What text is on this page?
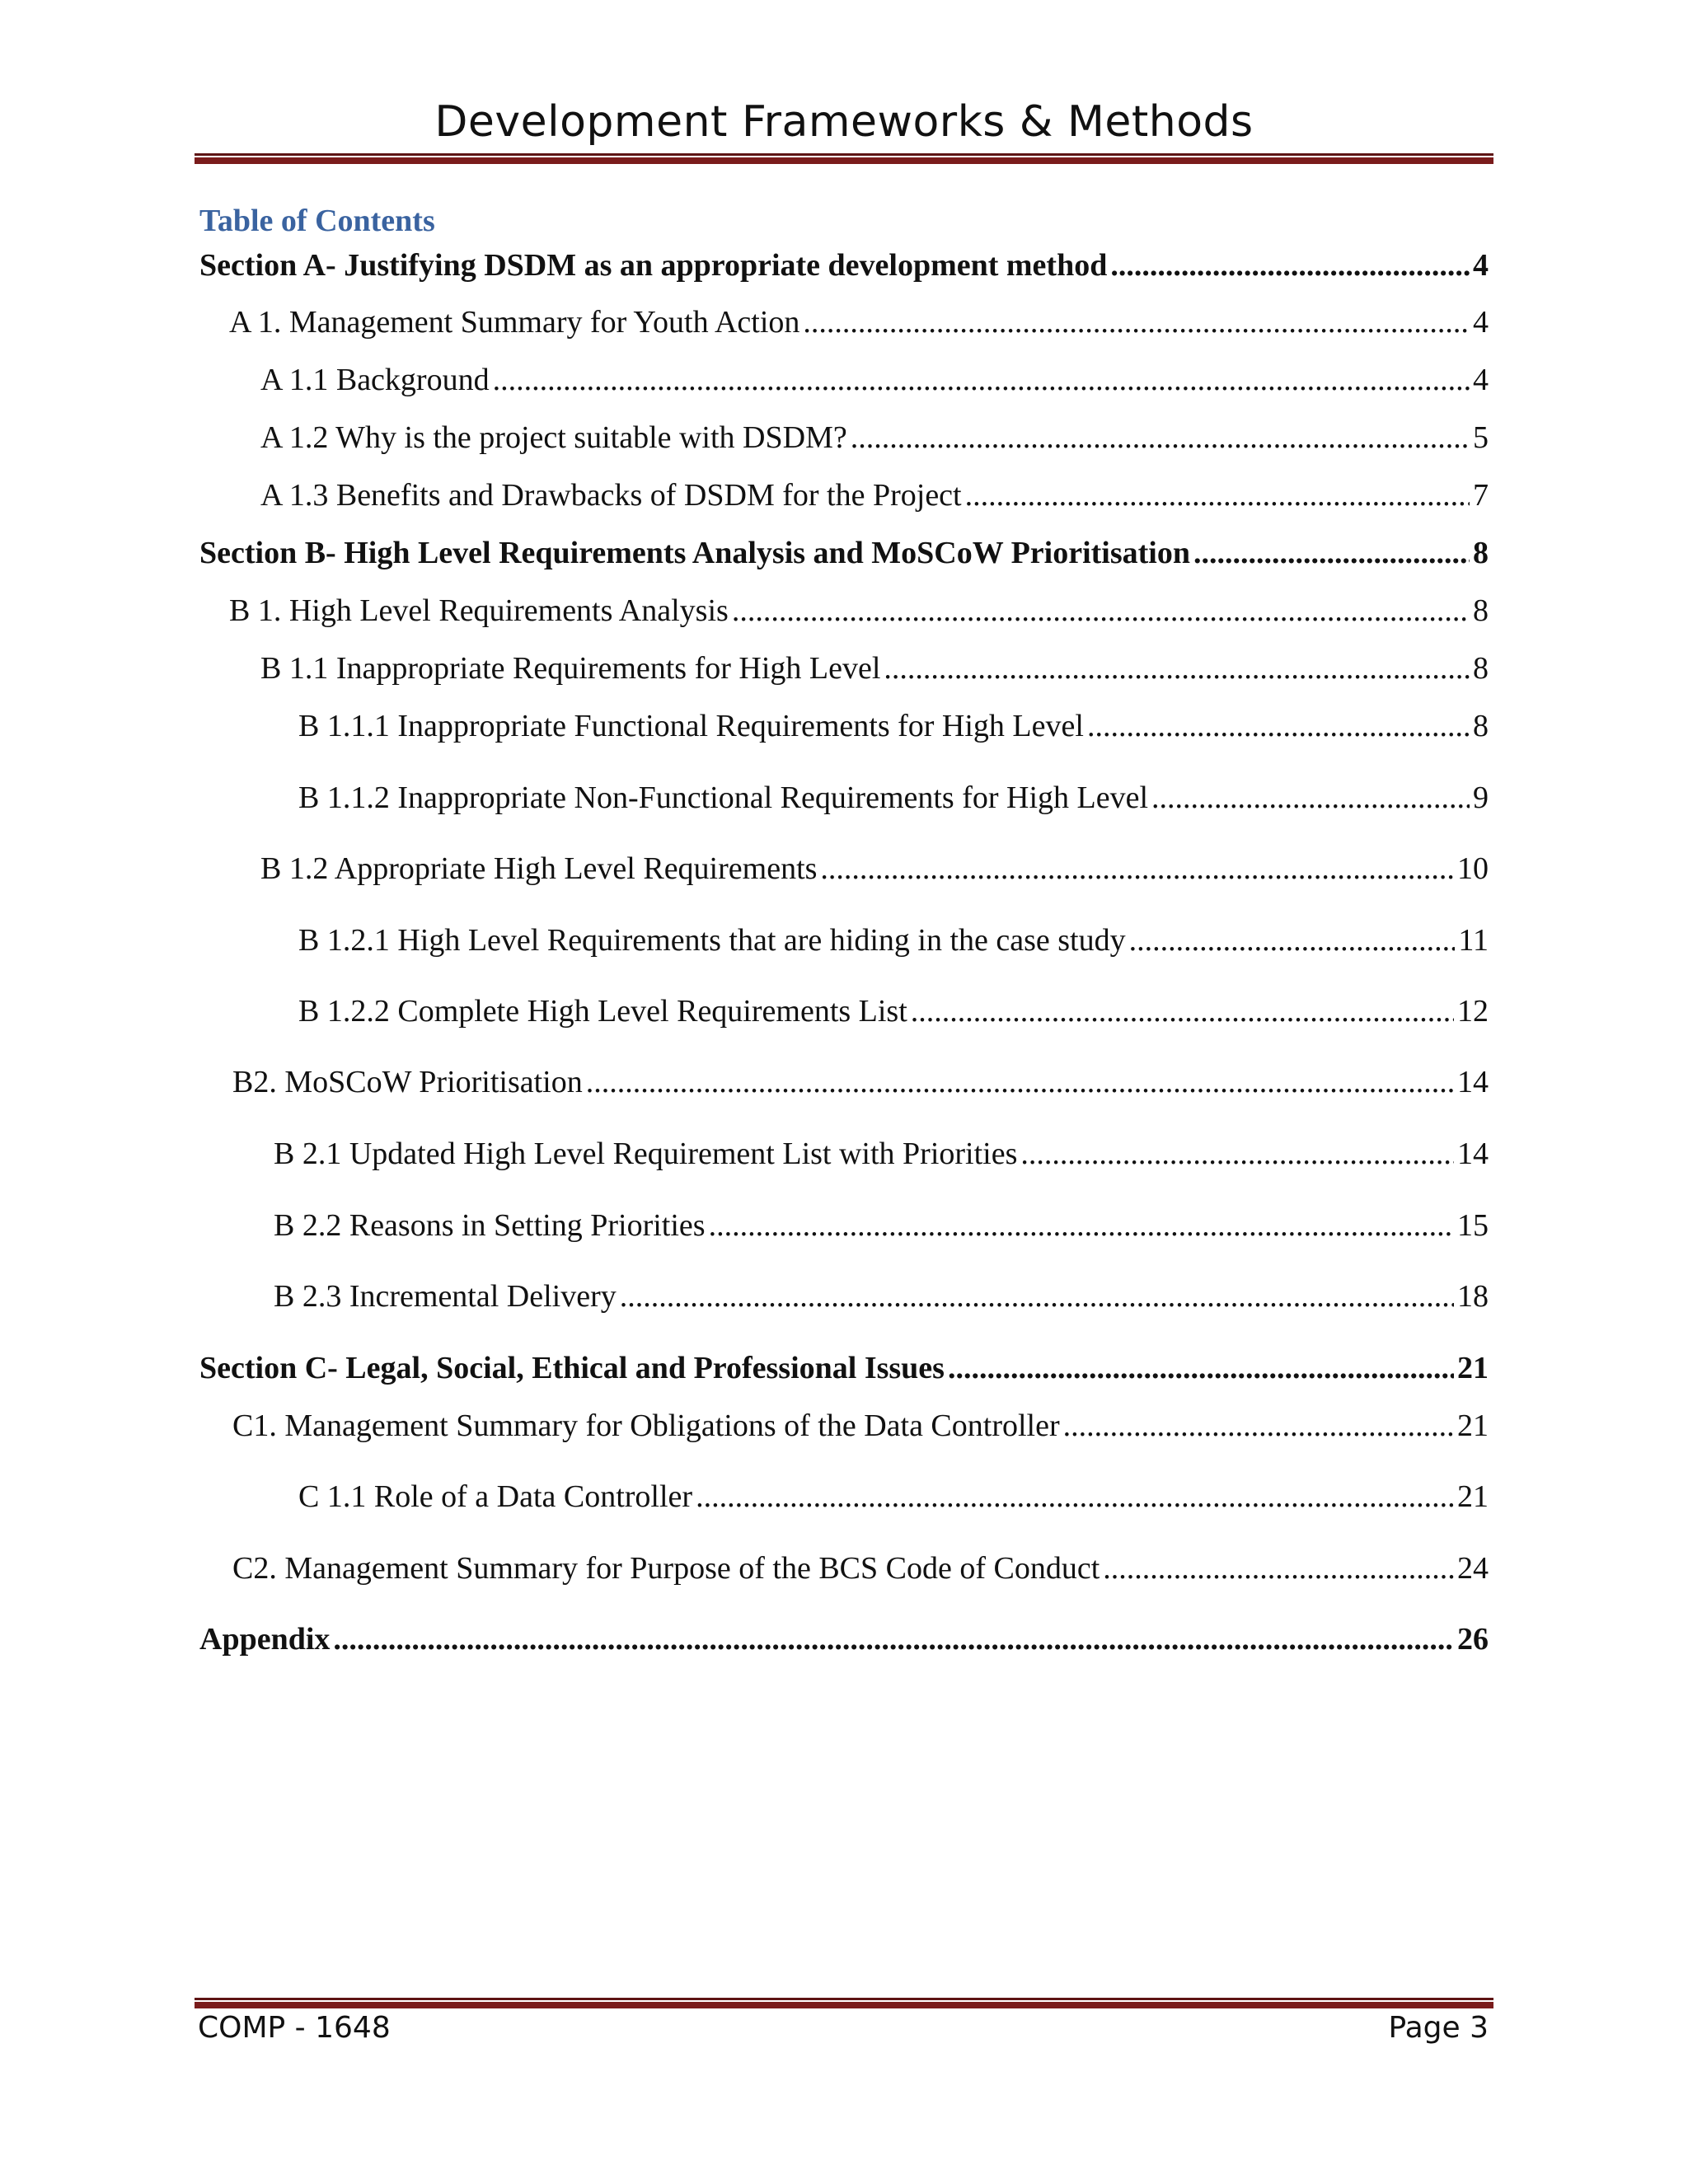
Development Frameworks & Methods
Table of Contents
Section A- Justifying DSDM as an appropriate development method .....	4
A 1. Management Summary for Youth Action .....	4
A 1.1 Background .....	4
A 1.2 Why is the project suitable with DSDM? .....	5
A 1.3 Benefits and Drawbacks of DSDM for the Project .....	7
Section B- High Level Requirements Analysis and MoSCoW Prioritisation .....	8
B 1. High Level Requirements Analysis .....	8
B 1.1 Inappropriate Requirements for High Level .....	8
B 1.1.1 Inappropriate Functional Requirements for High Level .....	8
B 1.1.2 Inappropriate Non-Functional Requirements for High Level .....	9
B 1.2 Appropriate High Level Requirements .....	10
B 1.2.1 High Level Requirements that are hiding in the case study .....	11
B 1.2.2 Complete High Level Requirements List .....	12
B2. MoSCoW Prioritisation .....	14
B 2.1 Updated High Level Requirement List with Priorities .....	14
B 2.2 Reasons in Setting Priorities .....	15
B 2.3 Incremental Delivery .....	18
Section C- Legal, Social, Ethical and Professional Issues .....	21
C1. Management Summary for Obligations of the Data Controller .....	21
C 1.1 Role of a Data Controller .....	21
C2. Management Summary for Purpose of the BCS Code of Conduct .....	24
Appendix .....	26
COMP - 1648	Page 3
